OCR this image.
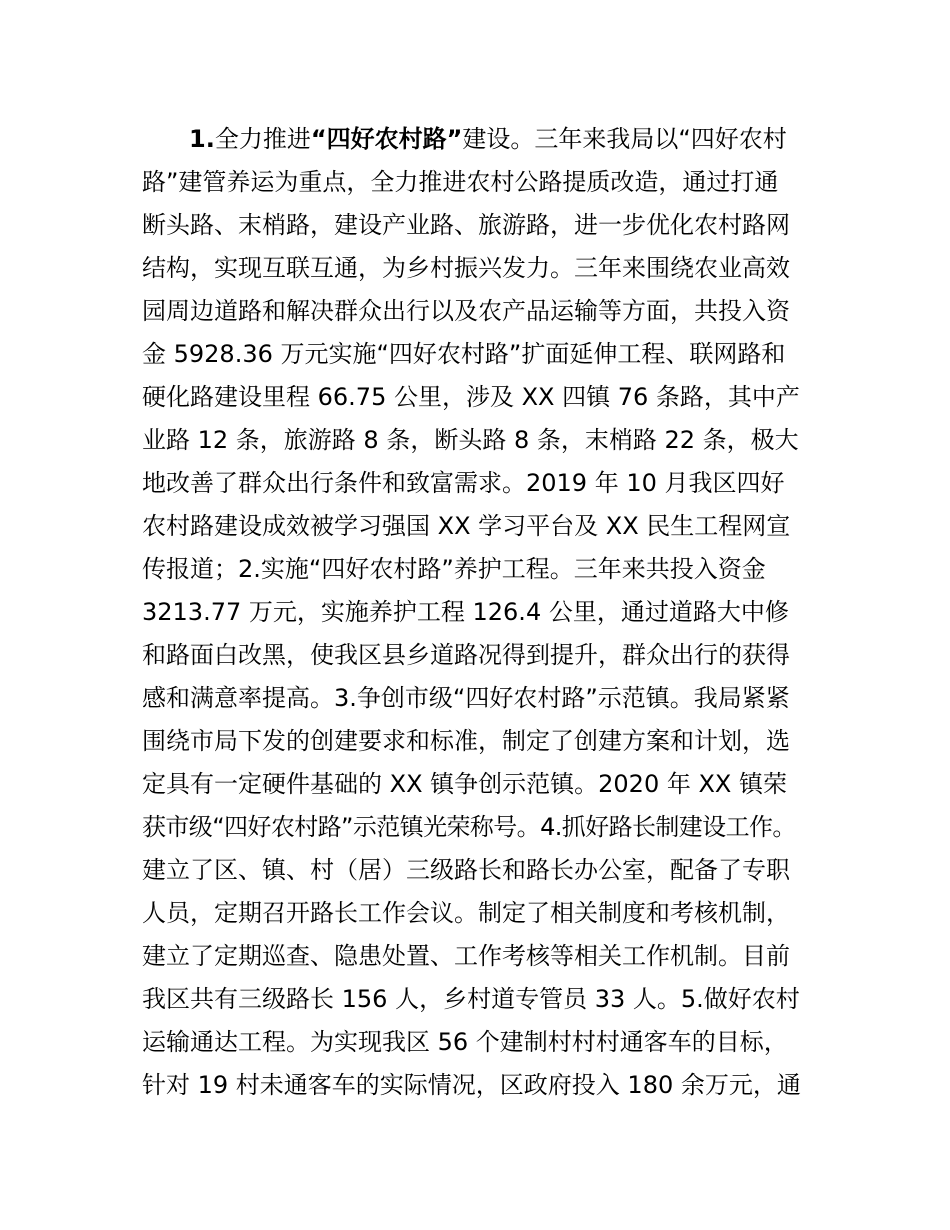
1.全力推进“四好农村路”建设。三年来我局以“四好农村
路”建管养运为重点，全力推进农村公路提质改造，通过打通
断头路、末梢路，建设产业路、旅游路，进一步优化农村路网
结构，实现互联互通，为乡村振兴发力。三年来围绕农业高效
园周边道路和解决群众出行以及农产品运输等方面，共投入资
金 5928.36 万元实施“四好农村路”扩面延伸工程、联网路和
硬化路建设里程 66.75 公里，涉及 XX 四镇 76 条路，其中产
业路 12 条，旅游路 8 条，断头路 8 条，末梢路 22 条，极大
地改善了群众出行条件和致富需求。2019 年 10 月我区四好
农村路建设成效被学习强国 XX 学习平台及 XX 民生工程网宣
传报道；2.实施“四好农村路”养护工程。三年来共投入资金
3213.77 万元，实施养护工程 126.4 公里，通过道路大中修
和路面白改黑，使我区县乡道路况得到提升，群众出行的获得
感和满意率提高。3.争创市级“四好农村路”示范镇。我局紧紧
围绕市局下发的创建要求和标准，制定了创建方案和计划，选
定具有一定硬件基础的 XX 镇争创示范镇。2020 年 XX 镇荣
获市级“四好农村路”示范镇光荣称号。4.抓好路长制建设工作。
建立了区、镇、村（居）三级路长和路长办公室，配备了专职
人员，定期召开路长工作会议。制定了相关制度和考核机制，
建立了定期巡查、隐患处置、工作考核等相关工作机制。目前
我区共有三级路长 156 人，乡村道专管员 33 人。5.做好农村
运输通达工程。为实现我区 56 个建制村村村通客车的目标，
针对 19 村未通客车的实际情况，区政府投入 180 余万元，通
